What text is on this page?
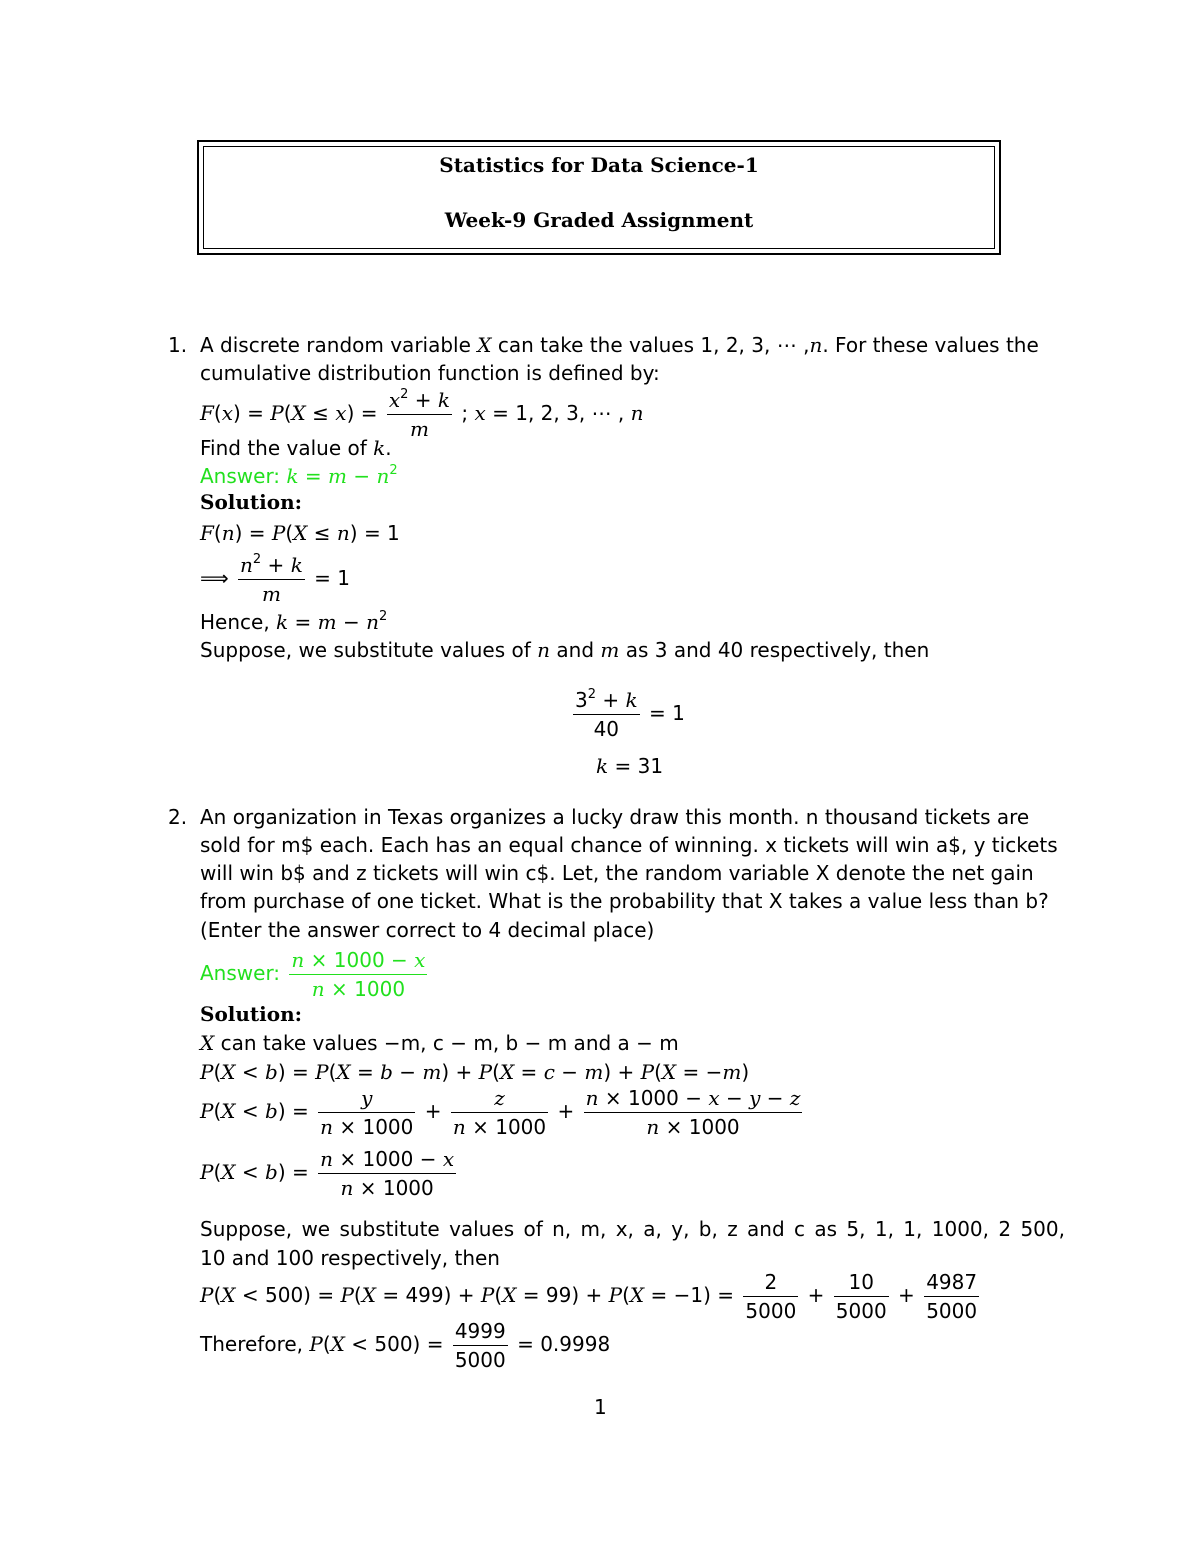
Statistics for Data Science-1
Week-9 Graded Assignment
1. A discrete random variable X can take the values 1, 2, 3, ⋯ ,n. For these values the
cumulative distribution function is defined by:
$F(x) = P(X \le x) = \frac{x^2 + k}{m}$ ; x = 1, 2, 3, ⋯ , n
Find the value of k.
Answer: $k = m - n^2$
Solution:
F(n) = P(X ≤ n) = 1
⟹ $\frac{n^2 + k}{m} = 1$
Hence, $k = m - n^2$
Suppose, we substitute values of n and m as 3 and 40 respectively, then
$\frac{3^2 + k}{40} = 1$
k = 31
2. An organization in Texas organizes a lucky draw this month. n thousand tickets are
sold for m$ each. Each has an equal chance of winning. x tickets will win a$, y tickets
will win b$ and z tickets will win c$. Let, the random variable X denote the net gain
from purchase of one ticket. What is the probability that X takes a value less than b?
(Enter the answer correct to 4 decimal place)
Answer: $\frac{n \times 1000 - x}{n \times 1000}$
Solution:
X can take values −m, c − m, b − m and a − m
P(X < b) = P(X = b − m) + P(X = c − m) + P(X = −m)
$P(X < b) = \frac{y}{n \times 1000} + \frac{z}{n \times 1000} + \frac{n \times 1000 - x - y - z}{n \times 1000}$
$P(X < b) = \frac{n \times 1000 - x}{n \times 1000}$
Suppose, we substitute values of n, m, x, a, y, b, z and c as 5, 1, 1, 1000, 2 500,
10 and 100 respectively, then
$P(X < 500) = P(X = 499) + P(X = 99) + P(X = -1) = \frac{2}{5000} + \frac{10}{5000} + \frac{4987}{5000}$
Therefore, $P(X < 500) = \frac{4999}{5000} = 0.9998$
1
